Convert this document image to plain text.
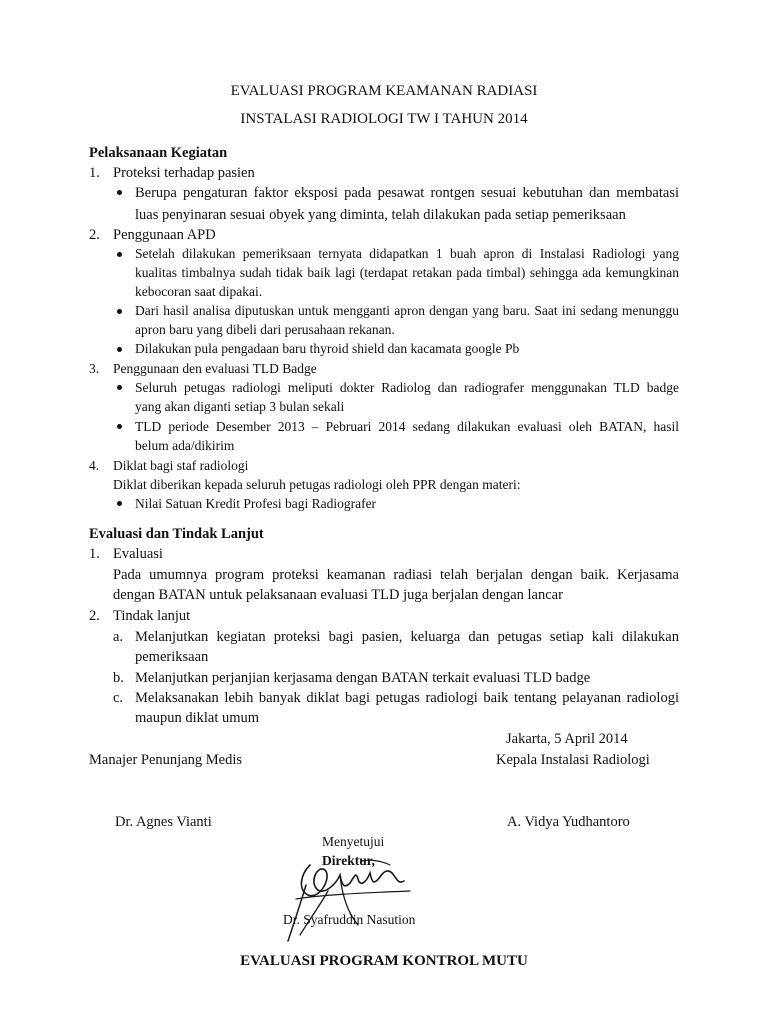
EVALUASI PROGRAM KEAMANAN RADIASI
INSTALASI RADIOLOGI TW I TAHUN 2014
Pelaksanaan Kegiatan
1. Proteksi terhadap pasien
Berupa pengaturan faktor eksposi pada pesawat rontgen sesuai kebutuhan dan membatasi
luas penyinaran sesuai obyek yang diminta, telah dilakukan pada setiap pemeriksaan
2. Penggunaan APD
Setelah dilakukan pemeriksaan ternyata didapatkan 1 buah apron di Instalasi Radiologi yang
kualitas timbalnya sudah tidak baik lagi (terdapat retakan pada timbal) sehingga ada kemungkinan
kebocoran saat dipakai.
Dari hasil analisa diputuskan untuk mengganti apron dengan yang baru. Saat ini sedang menunggu
apron baru yang dibeli dari perusahaan rekanan.
Dilakukan pula pengadaan baru thyroid shield dan kacamata google Pb
3. Penggunaan den evaluasi TLD Badge
Seluruh petugas radiologi meliputi dokter Radiolog dan radiografer menggunakan TLD badge
yang akan diganti setiap 3 bulan sekali
TLD periode Desember 2013 – Pebruari 2014 sedang dilakukan evaluasi oleh BATAN, hasil
belum ada/dikirim
4. Diklat bagi staf radiologi
Diklat diberikan kepada seluruh petugas radiologi oleh PPR dengan materi:
Nilai Satuan Kredit Profesi bagi Radiografer
Evaluasi dan Tindak Lanjut
1. Evaluasi
Pada umumnya program proteksi keamanan radiasi telah berjalan dengan baik. Kerjasama
dengan BATAN untuk pelaksanaan evaluasi TLD juga berjalan dengan lancar
2. Tindak lanjut
a. Melanjutkan kegiatan proteksi bagi pasien, keluarga dan petugas setiap kali dilakukan
pemeriksaan
b. Melanjutkan perjanjian kerjasama dengan BATAN terkait evaluasi TLD badge
c. Melaksanakan lebih banyak diklat bagi petugas radiologi baik tentang pelayanan radiologi
maupun diklat umum
Jakarta, 5 April 2014
Manajer Penunjang Medis	Kepala Instalasi Radiologi
Dr. Agnes Vianti	A. Vidya Yudhantoro
Menyetujui
Direktur,
Dr. Syafruddin Nasution
EVALUASI PROGRAM KONTROL MUTU
